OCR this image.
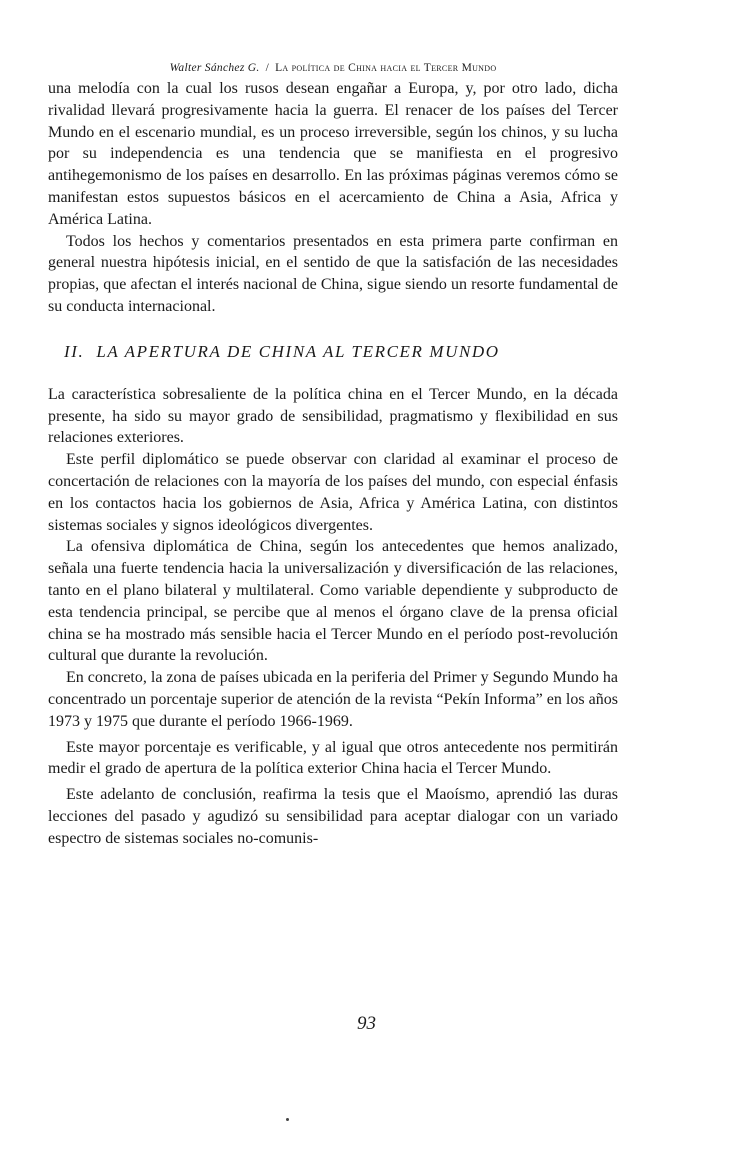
Walter Sánchez G. / La política de China hacia el Tercer Mundo

una melodía con la cual los rusos desean engañar a Europa, y, por otro lado, dicha rivalidad llevará progresivamente hacia la guerra. El renacer de los países del Tercer Mundo en el escenario mundial, es un proceso irreversible, según los chinos, y su lucha por su independencia es una tendencia que se manifiesta en el progresivo antihegemonismo de los países en desarrollo. En las próximas páginas veremos cómo se manifestan estos supuestos básicos en el acercamiento de China a Asia, Africa y América Latina.

Todos los hechos y comentarios presentados en esta primera parte confirman en general nuestra hipótesis inicial, en el sentido de que la satisfación de las necesidades propias, que afectan el interés nacional de China, sigue siendo un resorte fundamental de su conducta internacional.

II. LA APERTURA DE CHINA AL TERCER MUNDO

La característica sobresaliente de la política china en el Tercer Mundo, en la década presente, ha sido su mayor grado de sensibilidad, pragmatismo y flexibilidad en sus relaciones exteriores.

Este perfil diplomático se puede observar con claridad al examinar el proceso de concertación de relaciones con la mayoría de los países del mundo, con especial énfasis en los contactos hacia los gobiernos de Asia, Africa y América Latina, con distintos sistemas sociales y signos ideológicos divergentes.

La ofensiva diplomática de China, según los antecedentes que hemos analizado, señala una fuerte tendencia hacia la universalización y diversificación de las relaciones, tanto en el plano bilateral y multilateral. Como variable dependiente y subproducto de esta tendencia principal, se percibe que al menos el órgano clave de la prensa oficial china se ha mostrado más sensible hacia el Tercer Mundo en el período post-revolución cultural que durante la revolución.

En concreto, la zona de países ubicada en la periferia del Primer y Segundo Mundo ha concentrado un porcentaje superior de atención de la revista “Pekín Informa” en los años 1973 y 1975 que durante el período 1966-1969.

Este mayor porcentaje es verificable, y al igual que otros antecedente nos permitirán medir el grado de apertura de la política exterior China hacia el Tercer Mundo.

Este adelanto de conclusión, reafirma la tesis que el Maoísmo, aprendió las duras lecciones del pasado y agudizó su sensibilidad para aceptar dialogar con un variado espectro de sistemas sociales no-comunis-

93
